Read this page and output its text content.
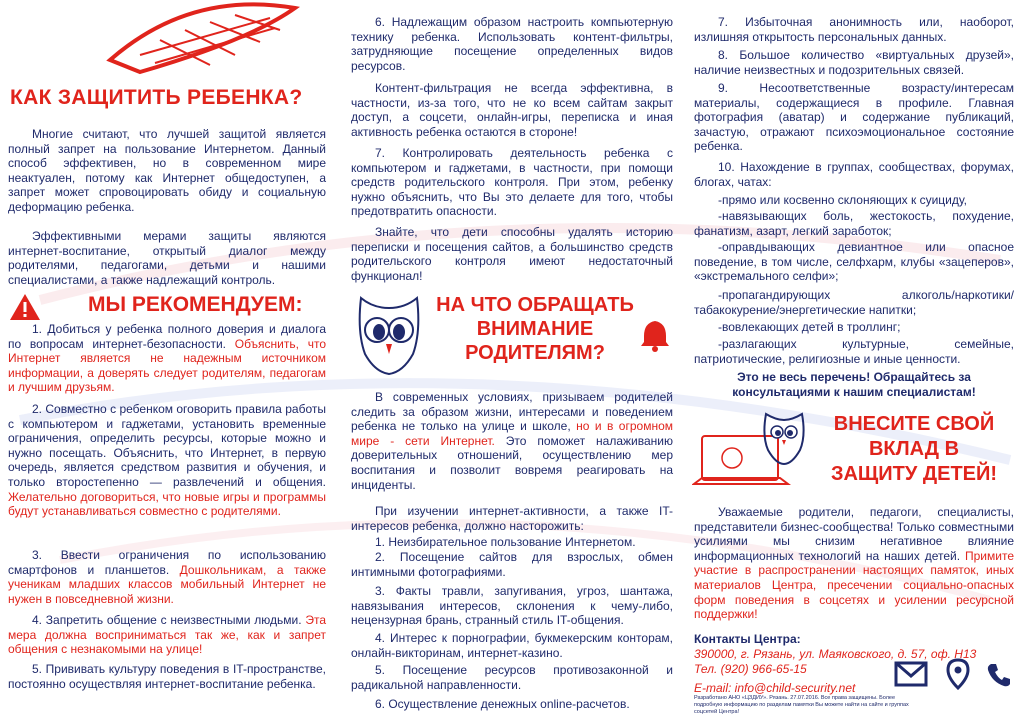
КАК ЗАЩИТИТЬ РЕБЕНКА?

Многие считают, что лучшей защитой является полный запрет на пользование Интернетом. Данный способ эффективен, но в современном мире неактуален, потому как Интернет общедоступен, а запрет может спровоцировать обиду и социальную деформацию ребенка.

Эффективными мерами защиты являются интернет-воспитание, открытый диалог между родителями, педагогами, детьми и нашими специалистами, а также надлежащий контроль.

МЫ РЕКОМЕНДУЕМ:

1. Добиться у ребенка полного доверия и диалога по вопросам интернет-безопасности. Объяснить, что Интернет является не надежным источником информации, а доверять следует родителям, педагогам и лучшим друзьям.

2. Совместно с ребенком оговорить правила работы с компьютером и гаджетами, установить временные ограничения, определить ресурсы, которые можно и нужно посещать. Объяснить, что Интернет, в первую очередь, является средством развития и обучения, и только второстепенно — развлечений и общения. Желательно договориться, что новые игры и программы будут устанавливаться совместно с родителями.

3. Ввести ограничения по использованию смартфонов и планшетов. Дошкольникам, а также ученикам младших классов мобильный Интернет не нужен в повседневной жизни.

4. Запретить общение с неизвестными людьми. Эта мера должна восприниматься так же, как и запрет общения с незнакомыми на улице!

5. Прививать культуру поведения в IT-пространстве, постоянно осуществляя интернет-воспитание ребенка.

6. Надлежащим образом настроить компьютерную технику ребенка. Использовать контент-фильтры, затрудняющие посещение определенных видов ресурсов.

Контент-фильтрация не всегда эффективна, в частности, из-за того, что не ко всем сайтам закрыт доступ, а соцсети, онлайн-игры, переписка и иная активность ребенка остаются в стороне!

7. Контролировать деятельность ребенка с компьютером и гаджетами, в частности, при помощи средств родительского контроля. При этом, ребенку нужно объяснить, что Вы это делаете для того, чтобы предотвратить опасности.

Знайте, что дети способны удалять историю переписки и посещения сайтов, а большинство средств родительского контроля имеют недостаточный функционал!

НА ЧТО ОБРАЩАТЬ
ВНИМАНИЕ
РОДИТЕЛЯМ?

В современных условиях, призываем родителей следить за образом жизни, интересами и поведением ребенка не только на улице и школе, но и в огромном мире - сети Интернет. Это поможет налаживанию доверительных отношений, осуществлению мер воспитания и позволит вовремя реагировать на инциденты.

При изучении интернет-активности, а также IT-интересов ребенка, должно насторожить:

1. Неизбирательное пользование Интернетом.

2. Посещение сайтов для взрослых, обмен интимными фотографиями.

3. Факты травли, запугивания, угроз, шантажа, навязывания интересов, склонения к чему-либо, нецензурная брань, странный стиль IT-общения.

4. Интерес к порнографии, букмекерским конторам, онлайн-викторинам, интернет-казино.

5. Посещение ресурсов противозаконной и радикальной направленности.

6. Осуществление денежных online-расчетов.

7. Избыточная анонимность или, наоборот, излишняя открытость персональных данных.

8. Большое количество «виртуальных друзей», наличие неизвестных и подозрительных связей.

9. Несоответственные возрасту/интересам материалы, содержащиеся в профиле. Главная фотография (аватар) и содержание публикаций, зачастую, отражают психоэмоциональное состояние ребенка.

10. Нахождение в группах, сообществах, форумах, блогах, чатах:

-прямо или косвенно склоняющих к суициду,

-навязывающих боль, жестокость, похудение, фанатизм, азарт, легкий заработок;

-оправдывающих девиантное или опасное поведение, в том числе, селфхарм, клубы «зацеперов», «экстремального селфи»;

-пропагандирующих алкоголь/наркотики/табакокурение/энергетические напитки;

-вовлекающих детей в троллинг;

-разлагающих культурные, семейные, патриотические, религиозные и иные ценности.

Это не весь перечень! Обращайтесь за консультациями к нашим специалистам!

ВНЕСИТЕ СВОЙ
ВКЛАД В
ЗАЩИТУ ДЕТЕЙ!

Уважаемые родители, педагоги, специалисты, представители бизнес-сообщества! Только совместными усилиями мы снизим негативное влияние информационных технологий на наших детей. Примите участие в распространении настоящих памяток, иных материалов Центра, пресечении социально-опасных форм поведения в соцсетях и усилении ресурсной поддержки!

Контакты Центра:
390000, г. Рязань, ул. Маяковского, д. 57, оф. Н13
Тел. (920) 966-65-15
E-mail: info@child-security.net
Разработано АНО «ЦЗДИУ». Рязань. 27.07.2016. Все права защищены. Более подробную информацию по разделам памятки Вы можете найти на сайте и группах соцсетей Центра!
